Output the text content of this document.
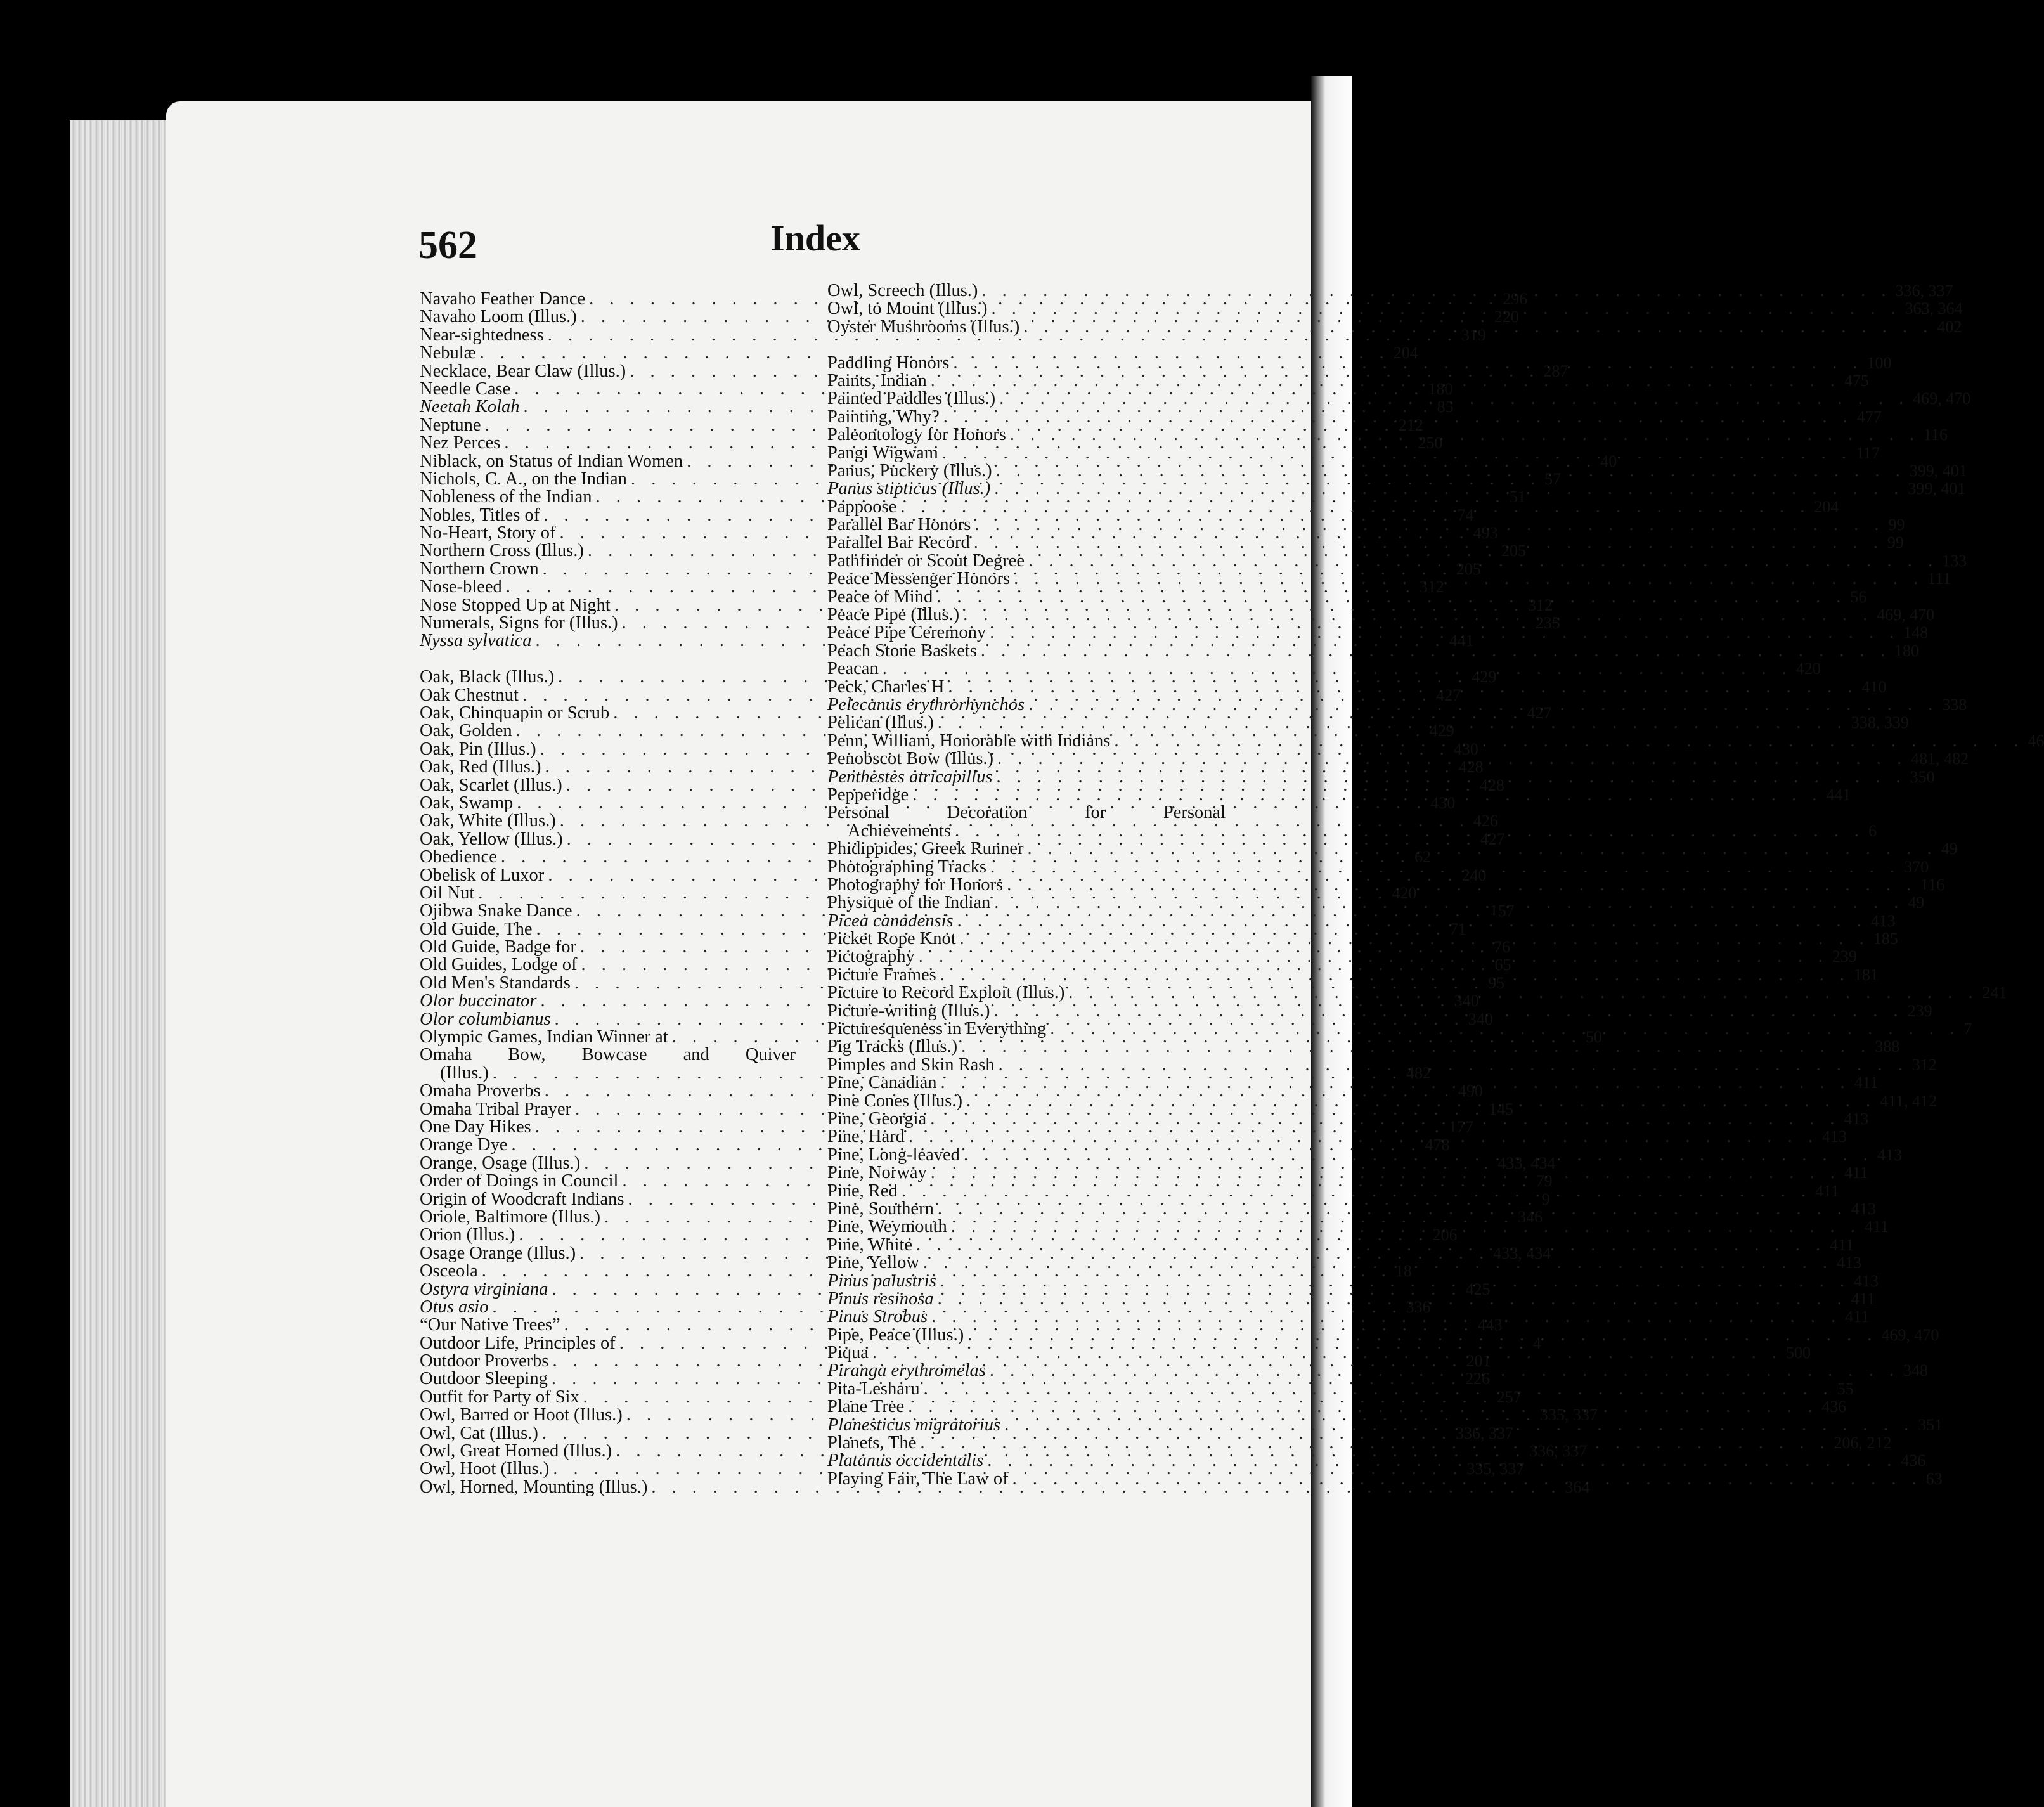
562	Index
Navaho Feather Dance . . .	296
Navaho Loom (Illus.) . . .	220
Near-sightedness . . .	319
Nebulæ . . .	204
Necklace, Bear Claw (Illus.) . . .	287
Needle Case . . .	180
Neetah Kolah . . .	85
Neptune . . .	212
Nez Perces . . .	250
Niblack, on Status of Indian Women . . .	40
Nichols, C. A., on the Indian . . .	57
Nobleness of the Indian . . .	51
Nobles, Titles of . . .	74
No-Heart, Story of . . .	493
Northern Cross (Illus.) . . .	205
Northern Crown . . .	205
Nose-bleed . . .	312
Nose Stopped Up at Night . . .	312
Numerals, Signs for (Illus.) . . .	235
Nyssa sylvatica . . .	441
Oak, Black (Illus.) . . .	429
Oak Chestnut . . .	427
Oak, Chinquapin or Scrub . . .	427
Oak, Golden . . .	429
Oak, Pin (Illus.) . . .	430
Oak, Red (Illus.) . . .	428
Oak, Scarlet (Illus.) . . .	428
Oak, Swamp . . .	430
Oak, White (Illus.) . . .	426
Oak, Yellow (Illus.) . . .	427
Obedience . . .	62
Obelisk of Luxor . . .	240
Oil Nut . . .	420
Ojibwa Snake Dance . . .	157
Old Guide, The . . .	71
Old Guide, Badge for . . .	76
Old Guides, Lodge of . . .	65
Old Men's Standards . . .	95
Olor buccinator . . .	340
Olor columbianus . . .	340
Olympic Games, Indian Winner at . . .	50
Omaha Bow, Bowcase and Quiver
(Illus.) . . .	482
Omaha Proverbs . . .	490
Omaha Tribal Prayer . . .	145
One Day Hikes . . .	177
Orange Dye . . .	478
Orange, Osage (Illus.) . . .	433, 434
Order of Doings in Council . . .	79
Origin of Woodcraft Indians . . .	9
Oriole, Baltimore (Illus.) . . .	346
Orion (Illus.) . . .	206
Osage Orange (Illus.) . . .	433, 434
Osceola . . .	18
Ostyra virginiana . . .	425
Otus asio . . .	336
“Our Native Trees” . . .	443
Outdoor Life, Principles of . . .	4
Outdoor Proverbs . . .	201
Outdoor Sleeping . . .	226
Outfit for Party of Six . . .	257
Owl, Barred or Hoot (Illus.) . . .	335, 337
Owl, Cat (Illus.) . . .	336, 337
Owl, Great Horned (Illus.) . . .	336, 337
Owl, Hoot (Illus.) . . .	335, 337
Owl, Horned, Mounting (Illus.) . . .	364
Owl, Screech (Illus.) . . .	336, 337
Owl, to Mount (Illus.) . . .	363, 364
Oyster Mushrooms (Illus.) . . .	402
Paddling Honors . . .	100
Paints, Indian . . .	475
Painted Paddles (Illus.) . . .	469, 470
Painting, Why? . . .	477
Paleontology for Honors . . .	116
Pangi Wigwam . . .	117
Panus, Puckery (Illus.) . . .	399, 401
Panus stipticus (Illus.) . . .	399, 401
Pappoose . . .	204
Parallel Bar Honors . . .	99
Parallel Bar Record . . .	99
Pathfinder or Scout Degree . . .	133
Peace Messenger Honors . . .	111
Peace of Mind . . .	56
Peace Pipe (Illus.) . . .	469, 470
Peace Pipe Ceremony . . .	148
Peach Stone Baskets . . .	180
Peacan . . .	420
Peck, Charles H . . .	410
Pelecanus erythrorhynchos . . .	338
Pelican (Illus.) . . .	338, 339
Penn, William, Honorable with Indians . . .	46
Penobscot Bow (Illus.) . . .	481, 482
Penthestes atricapillus . . .	350
Pepperidge . . .	441
Personal Decoration for Personal
Achievements . . .	6
Phidippides, Greek Runner . . .	49
Photographing Tracks . . .	370
Photography for Honors . . .	116
Physique of the Indian . . .	49
Picea canadensis . . .	413
Picket Rope Knot . . .	185
Pictography . . .	239
Picture Frames . . .	181
Picture to Record Exploit (Illus.) . . .	241
Picture-writing (Illus.) . . .	239
Picturesqueness in Everything . . .	7
Pig Tracks (Illus.) . . .	388
Pimples and Skin Rash . . .	312
Pine, Canadian . . .	411
Pine Cones (Illus.) . . .	411, 412
Pine, Georgia . . .	413
Pine, Hard . . .	413
Pine, Long-leaved . . .	413
Pine, Norway . . .	411
Pine, Red . . .	411
Pine, Southern . . .	413
Pine, Weymouth . . .	411
Pine, White . . .	411
Pine, Yellow . . .	413
Pinus palustris . . .	413
Pinus resinosa . . .	411
Pinus Strobus . . .	411
Pipe, Peace (Illus.) . . .	469, 470
Piqua . . .	500
Piranga erythromelas . . .	348
Pita-Lesharu . . .	55
Plane Tree . . .	436
Planesticus migratorius . . .	351
Planets, The . . .	206, 212
Platanus occidentalis . . .	436
Playing Fair, The Law of . . .	63
